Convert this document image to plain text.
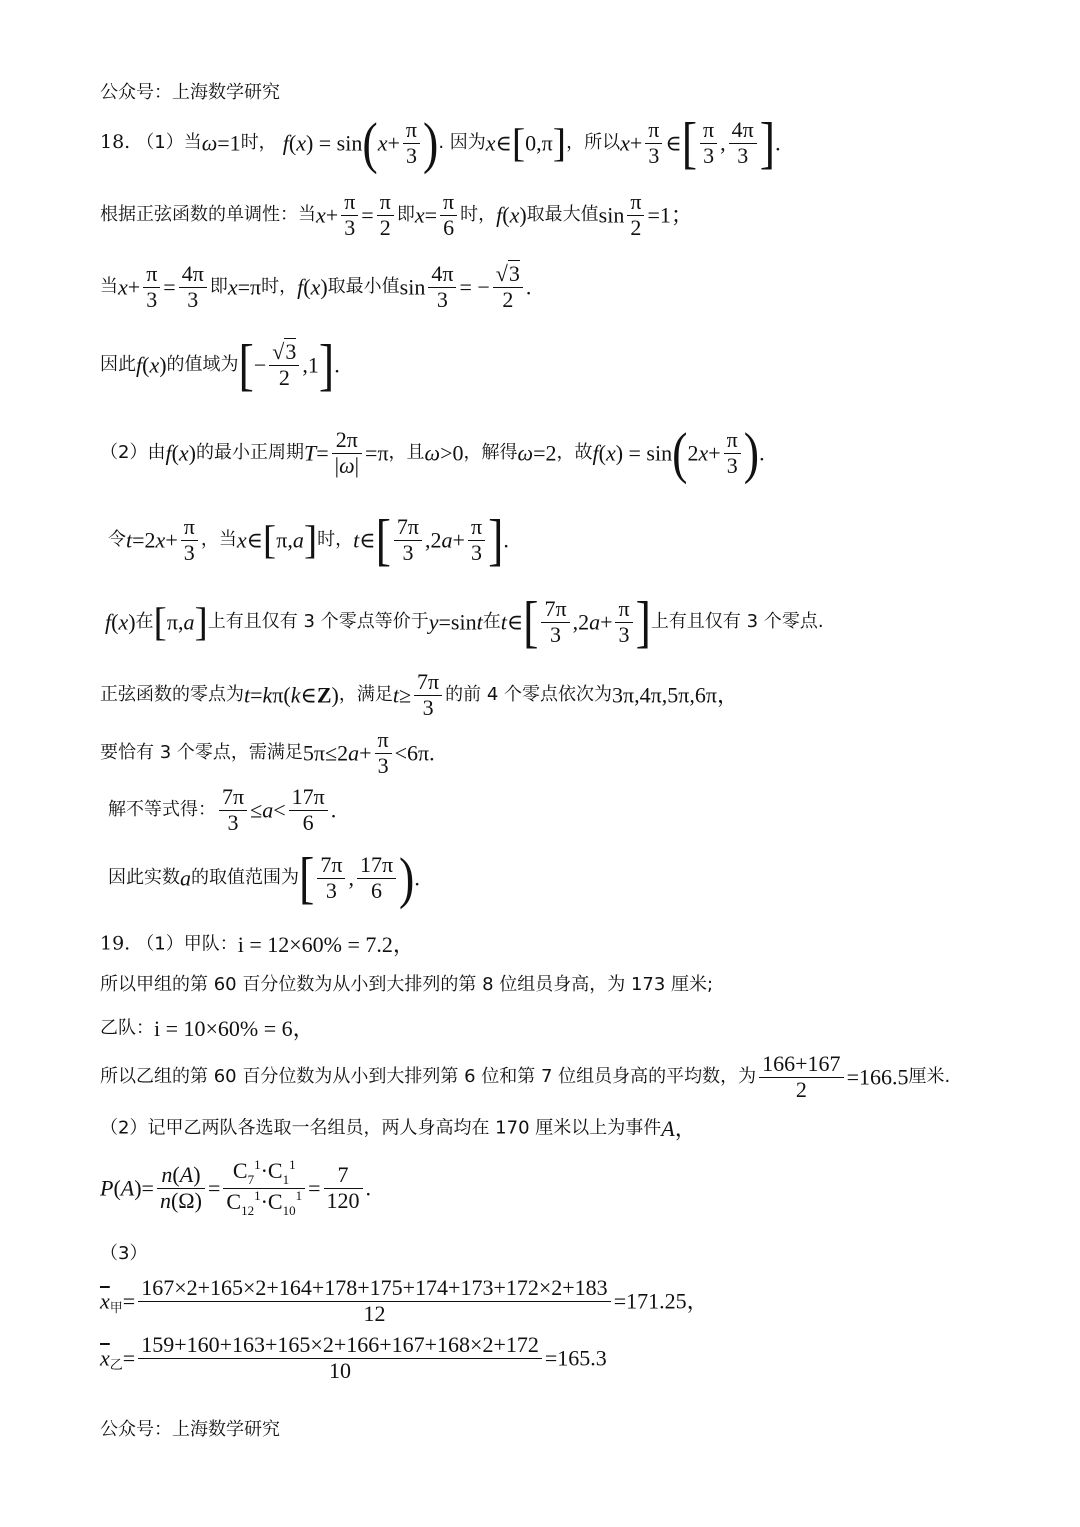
公众号：上海数学研究
18. （1）当ω=1时， $f(x) = \sin(x+ \frac{\pi}{3}$ ). 因为x∈[0,π]，所以$x+ \frac{\pi}{3}$ ∈[ $\frac{\pi}{3}$ , $\frac{4\pi}{3}$ ].
根据正弦函数的单调性：当$x+ \frac{\pi}{3} = \frac{\pi}{2}$ 即$x= \frac{\pi}{6}$ 时，f(x)取最大值$\sin \frac{\pi}{2} =1$；
当$x+ \frac{\pi}{3} = \frac{4\pi}{3}$ 即x=π时，f(x)取最小值$\sin \frac{4\pi}{3}$ = − $\frac{√3}{2}$ .
因此f(x)的值域为[− $\frac{√3}{2} ,1$].
（2）由f(x)的最小正周期$T= \frac{2\pi}{|\omega|} =\pi$，且ω>0，解得ω=2，故$f(x) = \sin(2x+ \frac{\pi}{3}$ ).
令$t=2x+ \frac{\pi}{3}$ ，当x∈[π,a]时，t∈[ $\frac{7\pi}{3} ,2a+ \frac{\pi}{3}$ ].
f(x)在[π,a]上有且仅有 3 个零点等价于y=sint在t∈[ $\frac{7\pi}{3} ,2a+ \frac{\pi}{3}$ ]上有且仅有 3 个零点.
正弦函数的零点为t=kπ(k∈Z)，满足$t\ge \frac{7\pi}{3}$ 的前 4 个零点依次为3π,4π,5π,6π，
要恰有 3 个零点，需满足$5\pi\le 2a+ \frac{\pi}{3} <6\pi$.
解不等式得： $\frac{7\pi}{3} \le a< \frac{17\pi}{6}$ .
因此实数a的取值范围为[ $\frac{7\pi}{3}$ , $\frac{17\pi}{6}$ ).
19. （1）甲队：i = 12×60% = 7.2，
所以甲组的第 60 百分位数为从小到大排列的第 8 位组员身高，为 173 厘米;
乙队：i = 10×60% = 6，
所以乙组的第 60 百分位数为从小到大排列第 6 位和第 7 位组员身高的平均数，为 $\frac{166+167}{2} =166.5$厘米.
（2）记甲乙两队各选取一名组员，两人身高均在 170 厘米以上为事件A，
$P(A)= \frac{n(A)}{n(\Omega)} = \frac{C_7^1\cdot C_1^1}{C_{12}^1\cdot C_{10}^1} = \frac{7}{120}$ .
（3）
$\overline{x}_甲= \frac{167\times 2+165\times 2+164+178+175+174+173+172\times 2+183}{12} =171.25$，
$\overline{x}_乙= \frac{159+160+163+165\times 2+166+167+168\times 2+172}{10} =165.3$
公众号：上海数学研究
